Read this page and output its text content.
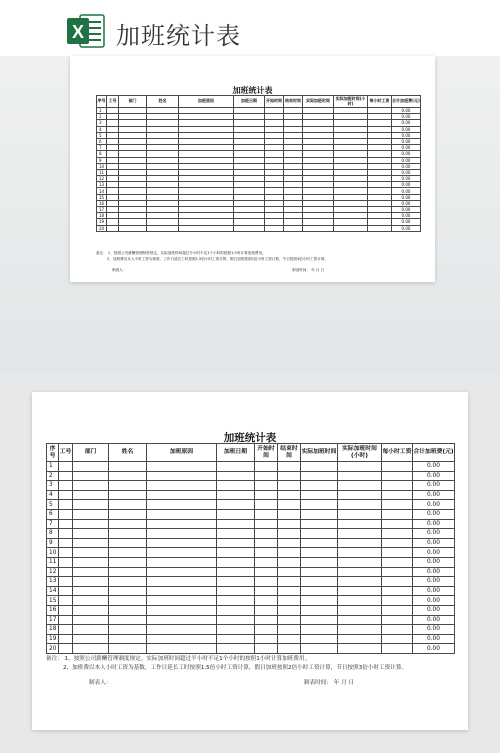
X 加班统计表
加班统计表
序号	工号	部门	姓名	加班原因	加班日期	开始时间	结束时间	实际加班时间	实际加班时间(小时)	每小时工资	合计加班费(元)
1											0.00
2											0.00
3											0.00
4											0.00
5											0.00
6											0.00
7											0.00
8											0.00
9											0.00
10											0.00
11											0.00
12											0.00
13											0.00
14											0.00
15											0.00
16											0.00
17											0.00
18											0.00
19											0.00
20											0.00
备注： 1、按照公司薪酬管理制度规定，实际加班时间超过半小时不足1个小时的按照1小时计算加班费用。
2、加班费以本人小时工资为基数，工作日延长工时按照1.5倍小时工资计算，假日加班按照2倍小时工资计算，节日按照3倍小时工资计算。
制表人：	制表时间： 年 月 日
加班统计表
序号	工号	部门	姓名	加班原因	加班日期	开始时间	结束时间	实际加班时间	实际加班时间(小时)	每小时工资	合计加班费(元)
1											0.00
2											0.00
3											0.00
4											0.00
5											0.00
6											0.00
7											0.00
8											0.00
9											0.00
10											0.00
11											0.00
12											0.00
13											0.00
14											0.00
15											0.00
16											0.00
17											0.00
18											0.00
19											0.00
20											0.00
备注： 1、按照公司薪酬管理制度规定，实际加班时间超过半小时不足1个小时的按照1小时计算加班费用。
2、加班费以本人小时工资为基数，工作日延长工时按照1.5倍小时工资计算，假日加班按照2倍小时工资计算，节日按照3倍小时工资计算。
制表人：	制表时间： 年 月 日
